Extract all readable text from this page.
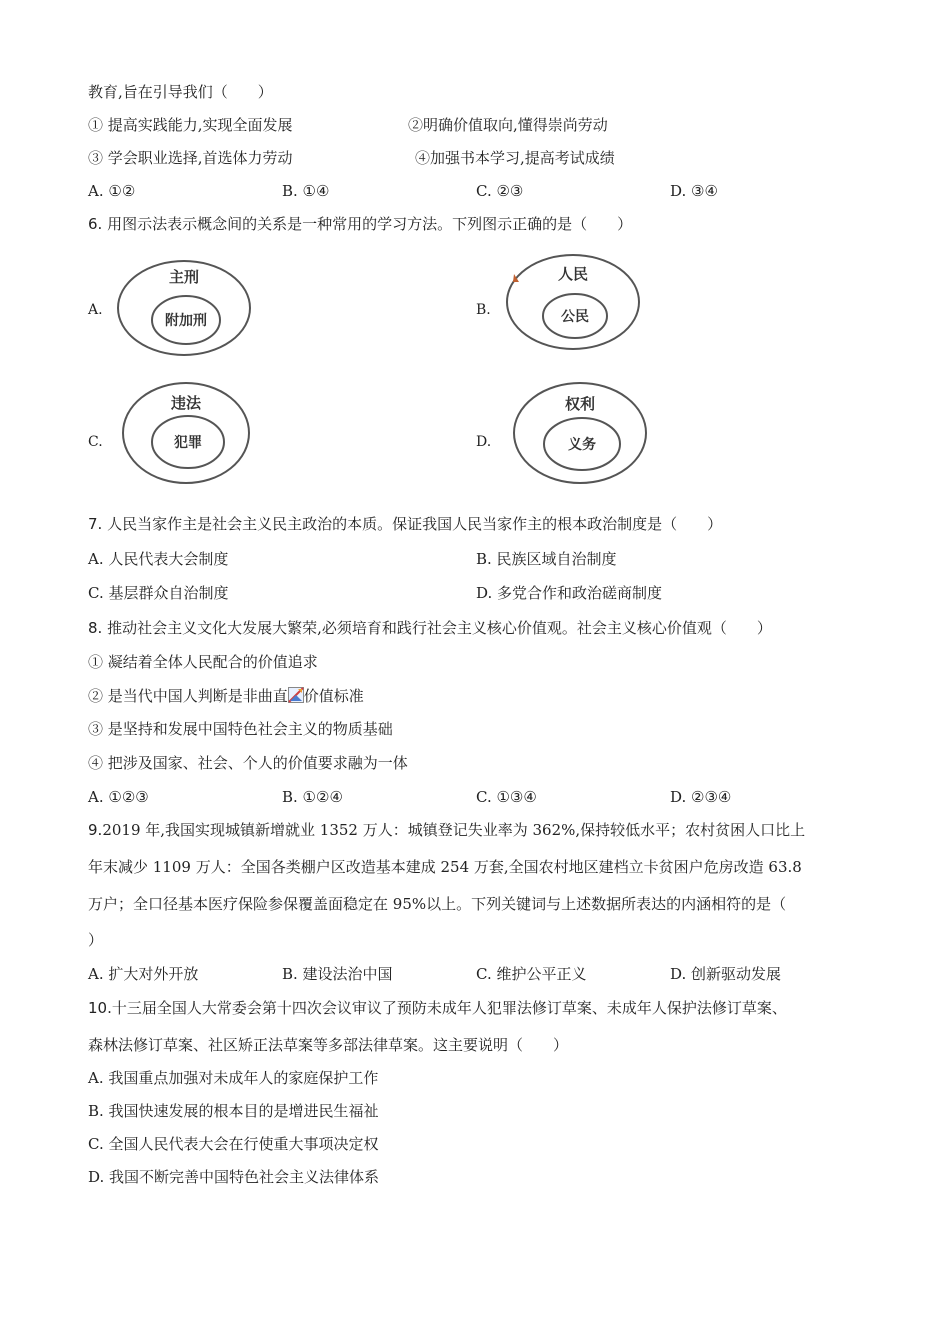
教育,旨在引导我们（　　）
① 提高实践能力,实现全面发展	②明确价值取向,懂得崇尚劳动
③ 学会职业选择,首选体力劳动	④加强书本学习,提高考试成绩
A. ①②	B. ①④	C. ②③	D. ③④
6. 用图示法表示概念间的关系是一种常用的学习方法。下列图示正确的是（　　）
A.
主刑
附加刑
B.
人民
公民
C.
违法
犯罪	D.
权利
义务
7. 人民当家作主是社会主义民主政治的本质。保证我国人民当家作主的根本政治制度是（　　）
A. 人民代表大会制度	B. 民族区域自治制度
C. 基层群众自治制度	D. 多党合作和政治磋商制度
8. 推动社会主义文化大发展大繁荣,必须培育和践行社会主义核心价值观。社会主义核心价值观（　　）
① 凝结着全体人民配合的价值追求
② 是当代中国人判断是非曲直 价值标准
③ 是坚持和发展中国特色社会主义的物质基础
④ 把涉及国家、社会、个人的价值要求融为一体
A. ①②③	B. ①②④	C. ①③④	D. ②③④
9.2019 年,我国实现城镇新增就业 1352 万人：城镇登记失业率为 362%,保持较低水平；农村贫困人口比上
年末减少 1109 万人：全国各类棚户区改造基本建成 254 万套,全国农村地区建档立卡贫困户危房改造 63.8
万户；全口径基本医疗保险参保覆盖面稳定在 95%以上。下列关键词与上述数据所表达的内涵相符的是（
）
A. 扩大对外开放	B. 建设法治中国	C. 维护公平正义	D. 创新驱动发展
10.十三届全国人大常委会第十四次会议审议了预防未成年人犯罪法修订草案、未成年人保护法修订草案、
森林法修订草案、社区矫正法草案等多部法律草案。这主要说明（　　）
A. 我国重点加强对未成年人的家庭保护工作
B. 我国快速发展的根本目的是增进民生福祉
C. 全国人民代表大会在行使重大事项决定权
D. 我国不断完善中国特色社会主义法律体系
